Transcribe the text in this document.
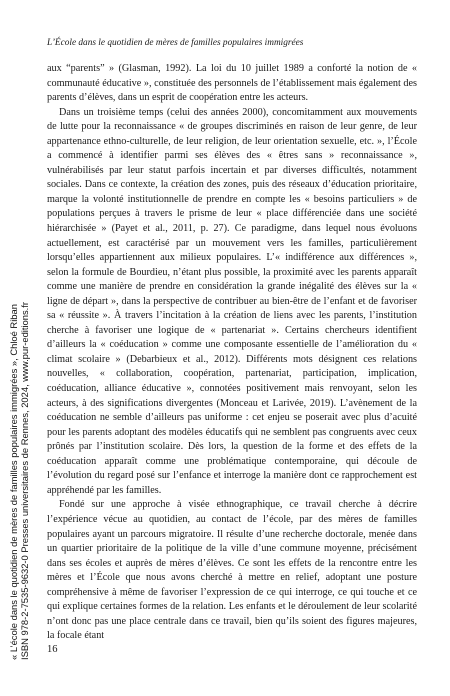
L’École dans le quotidien de mères de familles populaires immigrées

aux “parents” » (Glasman, 1992). La loi du 10 juillet 1989 a conforté la notion de « communauté éducative », constituée des personnels de l’établissement mais également des parents d’élèves, dans un esprit de coopération entre les acteurs.

Dans un troisième temps (celui des années 2000), concomitamment aux mouvements de lutte pour la reconnaissance « de groupes discriminés en raison de leur genre, de leur appartenance ethno-culturelle, de leur religion, de leur orientation sexuelle, etc. », l’École a commencé à identifier parmi ses élèves des « êtres sans » reconnaissance », vulnérabilisés par leur statut parfois incertain et par diverses difficultés, notamment sociales. Dans ce contexte, la création des zones, puis des réseaux d’éducation prioritaire, marque la volonté institutionnelle de prendre en compte les « besoins particuliers » de populations perçues à travers le prisme de leur « place différenciée dans une société hiérarchisée » (Payet et al., 2011, p. 27). Ce paradigme, dans lequel nous évoluons actuellement, est caractérisé par un mouvement vers les familles, particulièrement lorsqu’elles appartiennent aux milieux populaires. L’« indifférence aux différences », selon la formule de Bourdieu, n’étant plus possible, la proximité avec les parents apparaît comme une manière de prendre en considération la grande inégalité des élèves sur la « ligne de départ », dans la perspective de contribuer au bien-être de l’enfant et de favoriser sa « réussite ». À travers l’incitation à la création de liens avec les parents, l’institution cherche à favoriser une logique de « partenariat ». Certains chercheurs identifient d’ailleurs la « coéducation » comme une composante essentielle de l’amélioration du « climat scolaire » (Debarbieux et al., 2012). Différents mots désignent ces relations nouvelles, « collaboration, coopération, partenariat, participation, implication, coéducation, alliance éducative », connotées positivement mais renvoyant, selon les acteurs, à des significations divergentes (Monceau et Larivée, 2019). L’avènement de la coéducation ne semble d’ailleurs pas uniforme : cet enjeu se poserait avec plus d’acuité pour les parents adoptant des modèles éducatifs qui ne semblent pas congruents avec ceux prônés par l’institution scolaire. Dès lors, la question de la forme et des effets de la coéducation apparaît comme une problématique contemporaine, qui découle de l’évolution du regard posé sur l’enfance et interroge la manière dont ce rapprochement est appréhendé par les familles.

Fondé sur une approche à visée ethnographique, ce travail cherche à décrire l’expérience vécue au quotidien, au contact de l’école, par des mères de familles populaires ayant un parcours migratoire. Il résulte d’une recherche doctorale, menée dans un quartier prioritaire de la politique de la ville d’une commune moyenne, précisément dans ses écoles et auprès de mères d’élèves. Ce sont les effets de la rencontre entre les mères et l’École que nous avons cherché à mettre en relief, adoptant une posture compréhensive à même de favoriser l’expression de ce qui interroge, ce qui touche et ce qui explique certaines formes de la relation. Les enfants et le déroulement de leur scolarité n’ont donc pas une place centrale dans ce travail, bien qu’ils soient des figures majeures, la focale étant

16
« L’école dans le quotidien de mères de familles populaires immigrées », Chloé Riban ISBN 978-2-7535-9632-0 Presses universitaires de Rennes, 2024, www.pur-editions.fr
